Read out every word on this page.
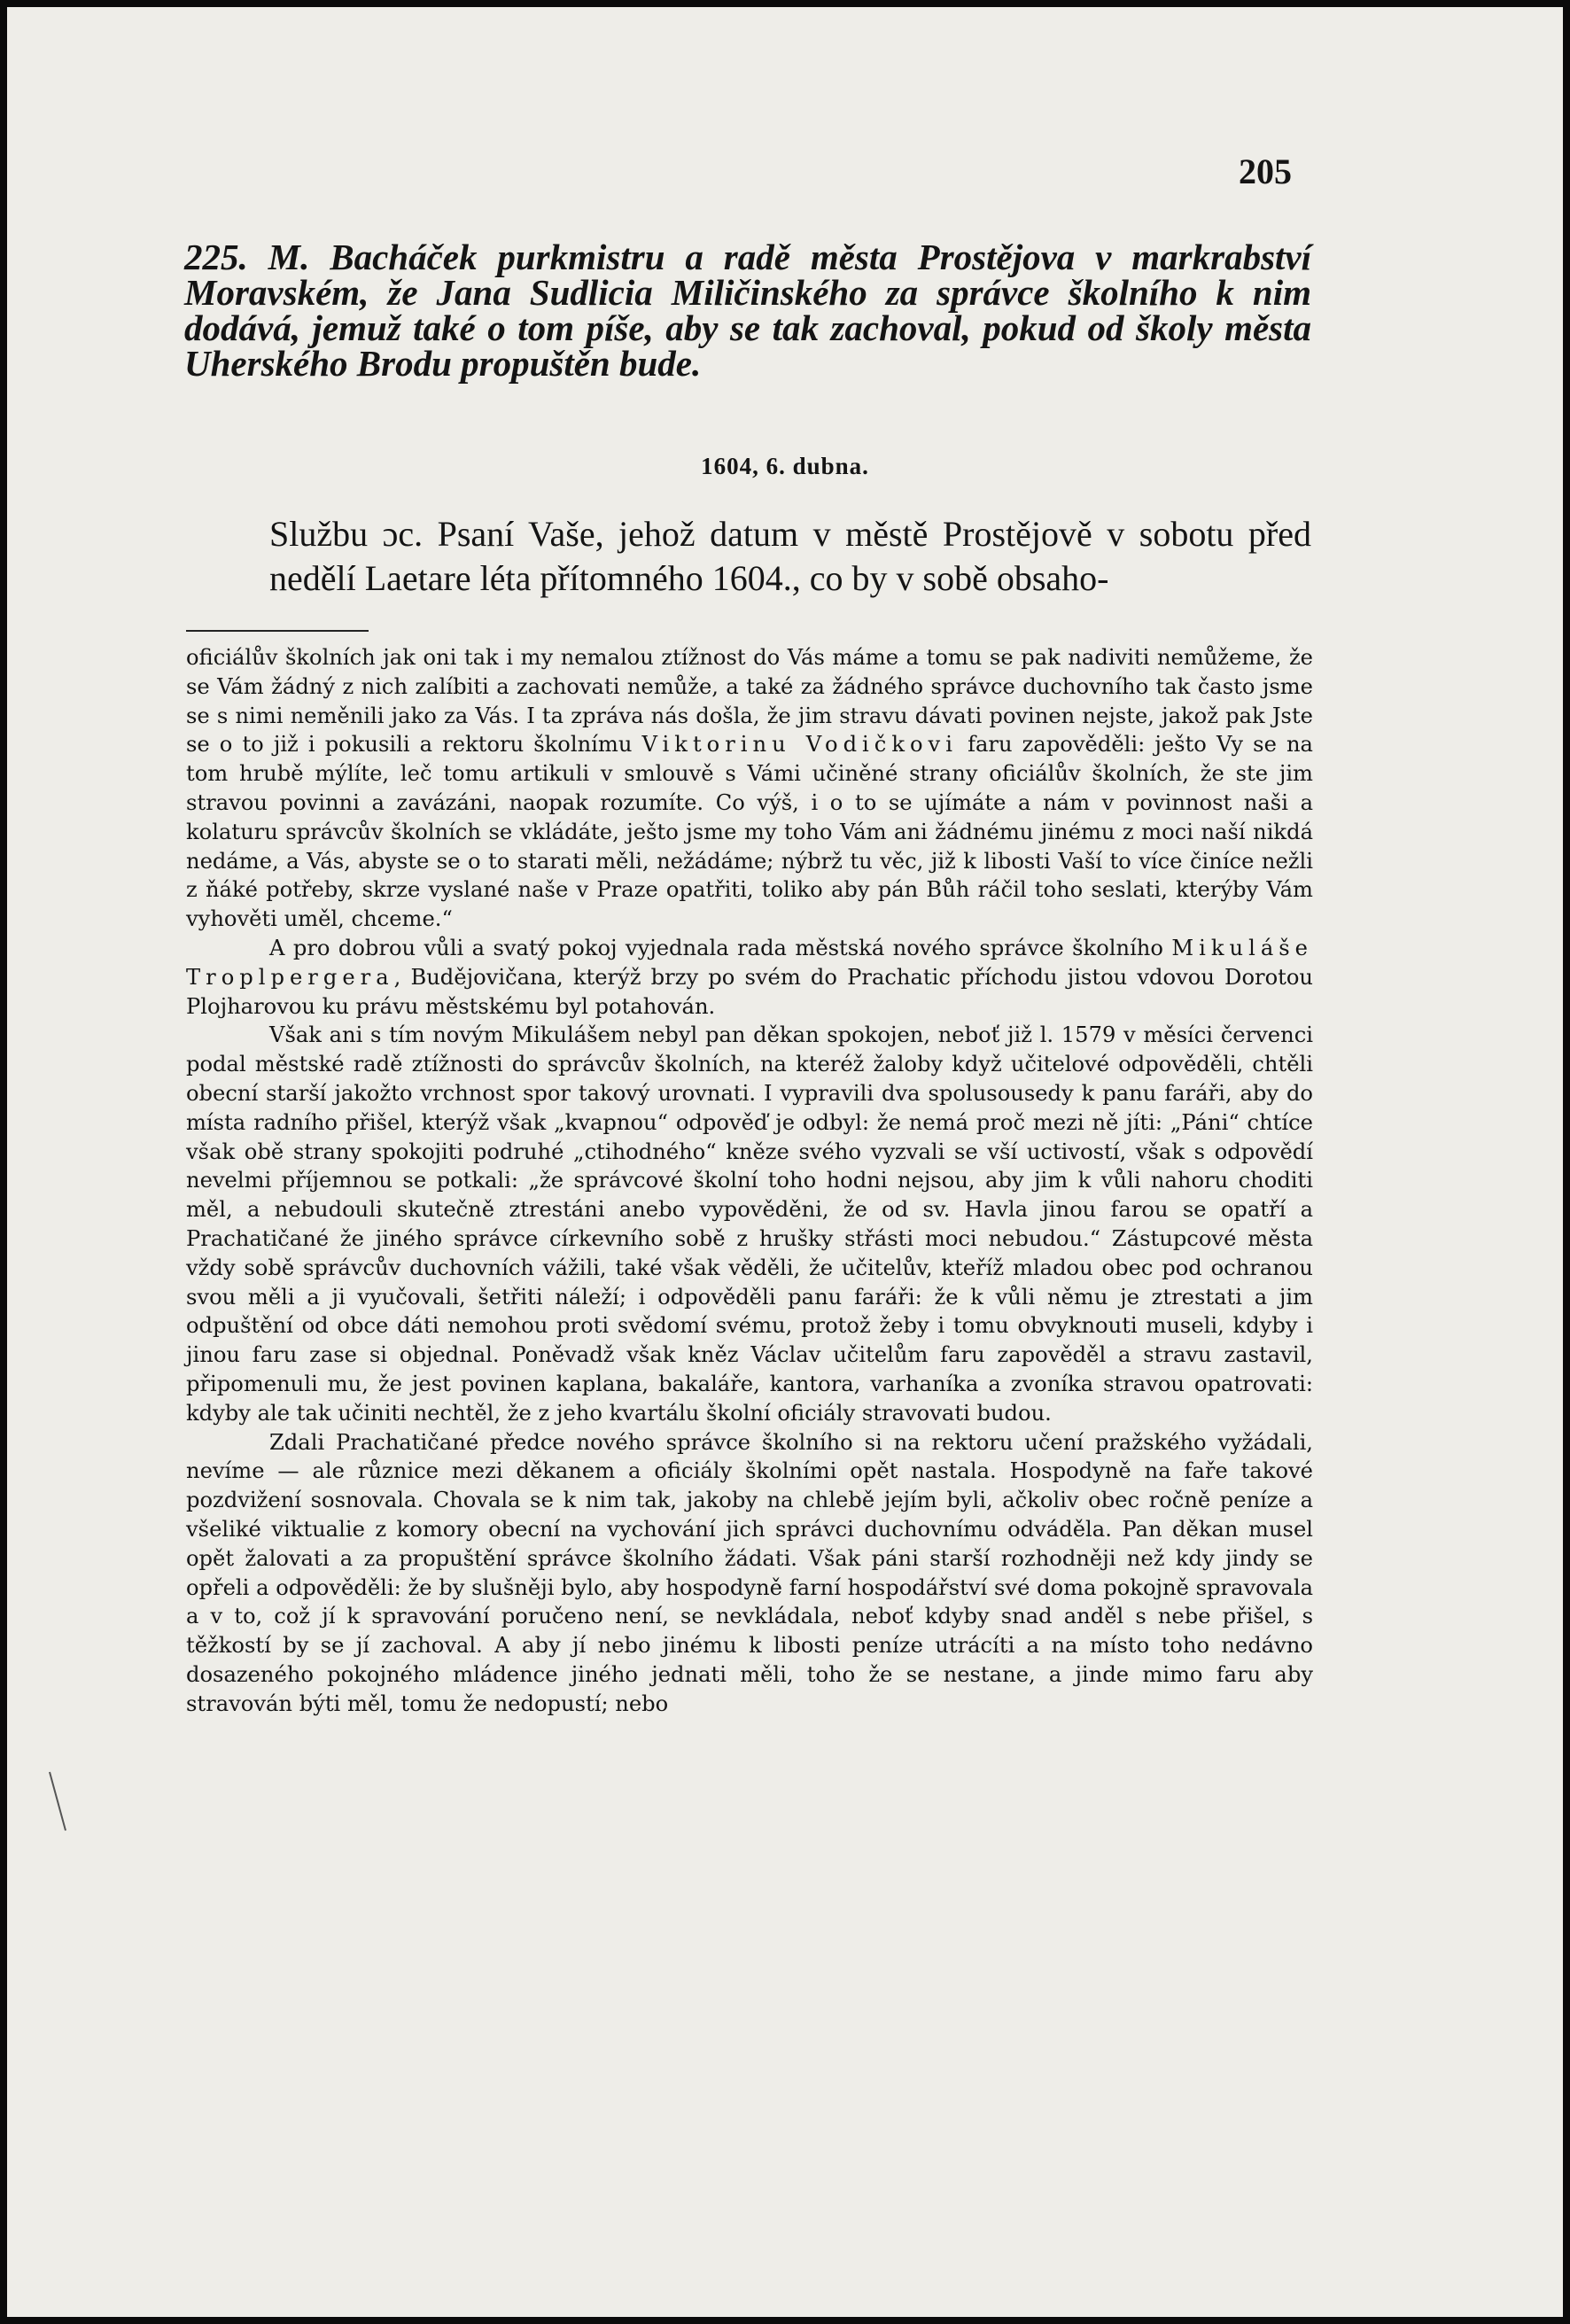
205
225. M. Bacháček purkmistru a radě města Prostějova v markrabství Moravském, že Jana Sudlicia Miličinského za správce školního k nim dodává, jemuž také o tom píše, aby se tak zachoval, pokud od školy města Uherského Brodu propuštěn bude.
1604, 6. dubna.
Službu ɔc. Psaní Vaše, jehož datum v městě Prostějově v sobotu před nedělí Laetare léta přítomného 1604., co by v sobě obsaho-

oficiálův školních jak oni tak i my nemalou ztížnost do Vás máme a tomu se pak nadiviti nemůžeme, že se Vám žádný z nich zalíbiti a zachovati nemůže, a také za žádného správce duchovního tak často jsme se s nimi neměnili jako za Vás. I ta zpráva nás došla, že jim stravu dávati povinen nejste, jakož pak Jste se o to již i pokusili a rektoru školnímu Viktorinu Vodičkovi faru zapověděli: ješto Vy se na tom hrubě mýlíte, leč tomu artikuli v smlouvě s Vámi učiněné strany oficiálův školních, že ste jim stravou povinni a zavázáni, naopak rozumíte. Co výš, i o to se ujímáte a nám v povinnost naši a kolaturu správcův školních se vkládáte, ješto jsme my toho Vám ani žádnému jinému z moci naší nikdá nedáme, a Vás, abyste se o to starati měli, nežádáme; nýbrž tu věc, již k libosti Vaší to více činíce nežli z ňáké potřeby, skrze vyslané naše v Praze opatřiti, toliko aby pán Bůh ráčil toho seslati, kterýby Vám vyhověti uměl, chceme.“

A pro dobrou vůli a svatý pokoj vyjednala rada městská nového správce školního Mikuláše Troplpergera, Budějovičana, kterýž brzy po svém do Prachatic příchodu jistou vdovou Dorotou Plojharovou ku právu městskému byl potahován.

Však ani s tím novým Mikulášem nebyl pan děkan spokojen, neboť již l. 1579 v měsíci červenci podal městské radě ztížnosti do správcův školních, na kteréž žaloby když učitelové odpověděli, chtěli obecní starší jakožto vrchnost spor takový urovnati. I vypravili dva spolusousedy k panu faráři, aby do místa radního přišel, kterýž však „kvapnou“ odpověď je odbyl: že nemá proč mezi ně jíti: „Páni“ chtíce však obě strany spokojiti podruhé „ctihodného“ kněze svého vyzvali se vší uctivostí, však s odpovědí nevelmi příjemnou se potkali: „že správcové školní toho hodni nejsou, aby jim k vůli nahoru choditi měl, a nebudouli skutečně ztrestáni anebo vypověděni, že od sv. Havla jinou farou se opatří a Prachatičané že jiného správce církevního sobě z hrušky střásti moci nebudou.“ Zástupcové města vždy sobě správcův duchovních vážili, také však věděli, že učitelův, kteříž mladou obec pod ochranou svou měli a ji vyučovali, šetřiti náleží; i odpověděli panu faráři: že k vůli němu je ztrestati a jim odpuštění od obce dáti nemohou proti svědomí svému, protož žeby i tomu obvyknouti museli, kdyby i jinou faru zase si objednal. Poněvadž však kněz Václav učitelům faru zapověděl a stravu zastavil, připomenuli mu, že jest povinen kaplana, bakaláře, kantora, varhaníka a zvoníka stravou opatrovati: kdyby ale tak učiniti nechtěl, že z jeho kvartálu školní oficiály stravovati budou.

Zdali Prachatičané předce nového správce školního si na rektoru učení pražského vyžádali, nevíme — ale různice mezi děkanem a oficiály školními opět nastala. Hospodyně na faře takové pozdvižení sosnovala. Chovala se k nim tak, jakoby na chlebě jejím byli, ačkoliv obec ročně peníze a všeliké viktualie z komory obecní na vychování jich správci duchovnímu odváděla. Pan děkan musel opět žalovati a za propuštění správce školního žádati. Však páni starší rozhodněji než kdy jindy se opřeli a odpověděli: že by slušněji bylo, aby hospodyně farní hospodářství své doma pokojně spravovala a v to, což jí k spravování poručeno není, se nevkládala, neboť kdyby snad anděl s nebe přišel, s těžkostí by se jí zachoval. A aby jí nebo jinému k libosti peníze utrácíti a na místo toho nedávno dosazeného pokojného mládence jiného jednati měli, toho že se nestane, a jinde mimo faru aby stravován býti měl, tomu že nedopustí; nebo
